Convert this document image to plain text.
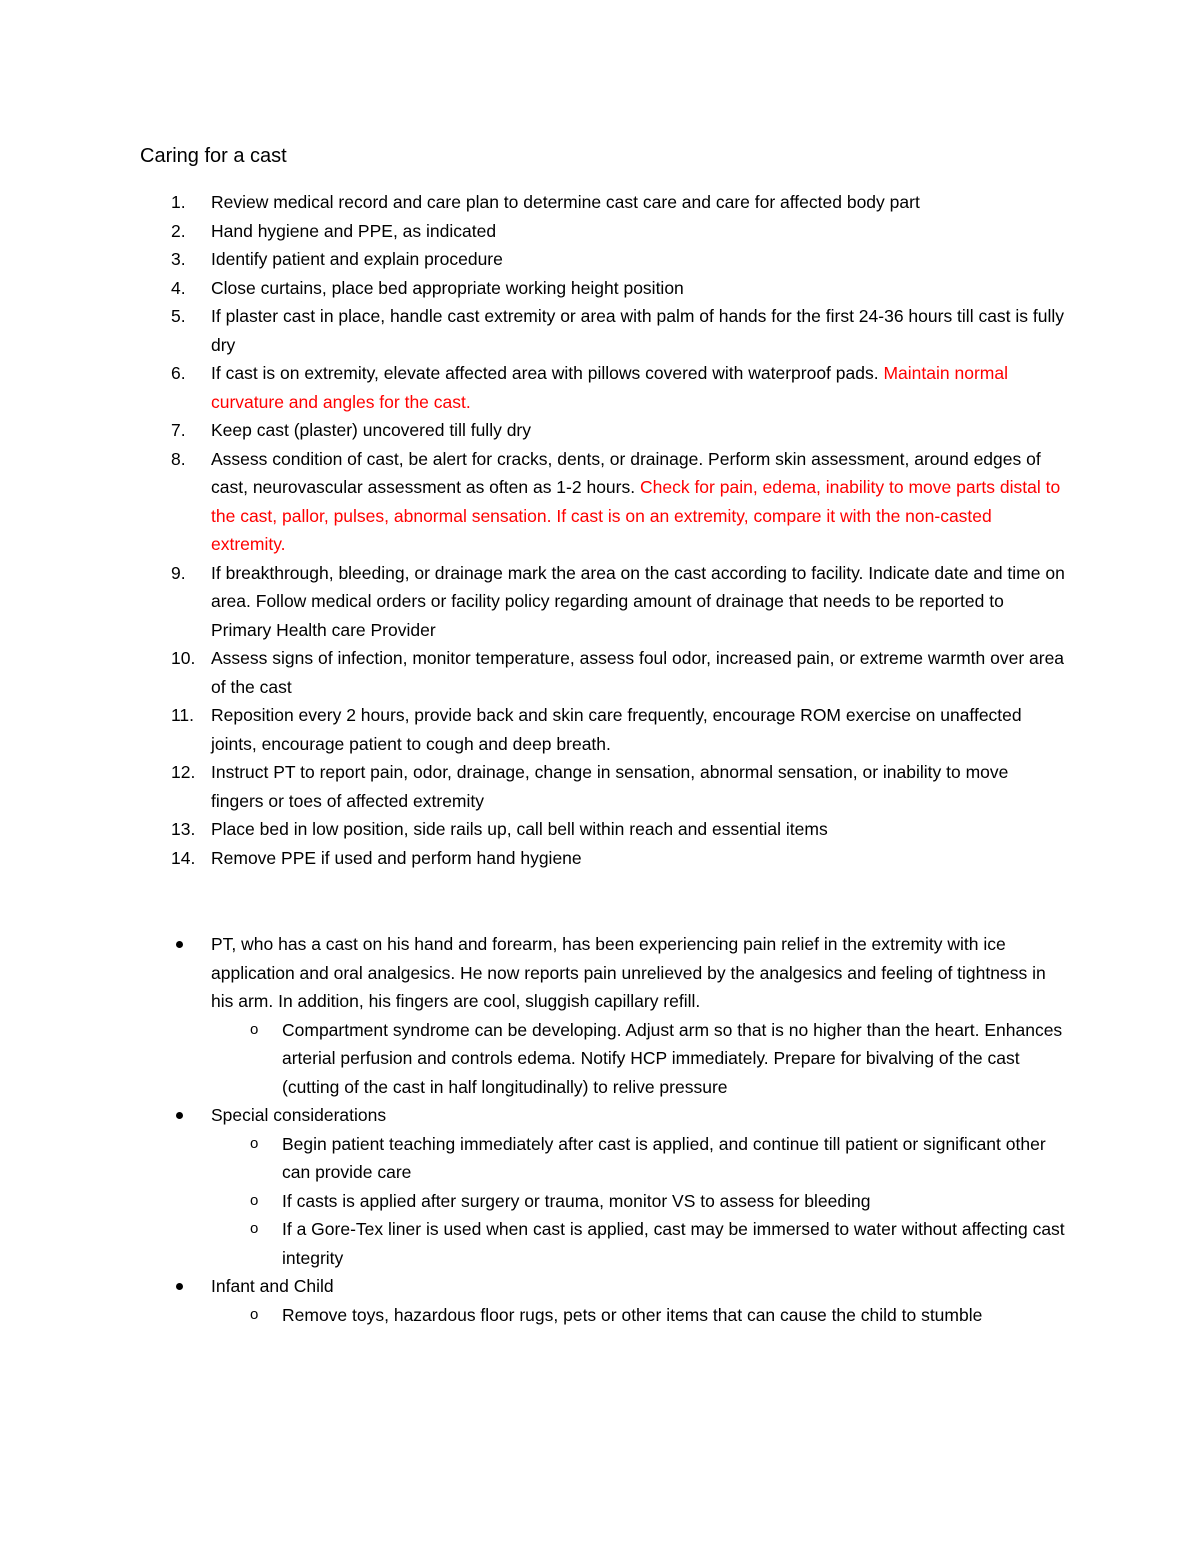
Caring for a cast
1. Review medical record and care plan to determine cast care and care for affected body part
2. Hand hygiene and PPE, as indicated
3. Identify patient and explain procedure
4. Close curtains, place bed appropriate working height position
5. If plaster cast in place, handle cast extremity or area with palm of hands for the first 24-36 hours till cast is fully dry
6. If cast is on extremity, elevate affected area with pillows covered with waterproof pads. Maintain normal curvature and angles for the cast.
7. Keep cast (plaster) uncovered till fully dry
8. Assess condition of cast, be alert for cracks, dents, or drainage. Perform skin assessment, around edges of cast, neurovascular assessment as often as 1-2 hours. Check for pain, edema, inability to move parts distal to the cast, pallor, pulses, abnormal sensation. If cast is on an extremity, compare it with the non-casted extremity.
9. If breakthrough, bleeding, or drainage mark the area on the cast according to facility. Indicate date and time on area. Follow medical orders or facility policy regarding amount of drainage that needs to be reported to Primary Health care Provider
10. Assess signs of infection, monitor temperature, assess foul odor, increased pain, or extreme warmth over area of the cast
11. Reposition every 2 hours, provide back and skin care frequently, encourage ROM exercise on unaffected joints, encourage patient to cough and deep breath.
12. Instruct PT to report pain, odor, drainage, change in sensation, abnormal sensation, or inability to move fingers or toes of affected extremity
13. Place bed in low position, side rails up, call bell within reach and essential items
14. Remove PPE if used and perform hand hygiene
PT, who has a cast on his hand and forearm, has been experiencing pain relief in the extremity with ice application and oral analgesics. He now reports pain unrelieved by the analgesics and feeling of tightness in his arm. In addition, his fingers are cool, sluggish capillary refill.
o Compartment syndrome can be developing. Adjust arm so that is no higher than the heart. Enhances arterial perfusion and controls edema. Notify HCP immediately. Prepare for bivalving of the cast (cutting of the cast in half longitudinally) to relive pressure
Special considerations
o Begin patient teaching immediately after cast is applied, and continue till patient or significant other can provide care
o If casts is applied after surgery or trauma, monitor VS to assess for bleeding
o If a Gore-Tex liner is used when cast is applied, cast may be immersed to water without affecting cast integrity
Infant and Child
o Remove toys, hazardous floor rugs, pets or other items that can cause the child to stumble
